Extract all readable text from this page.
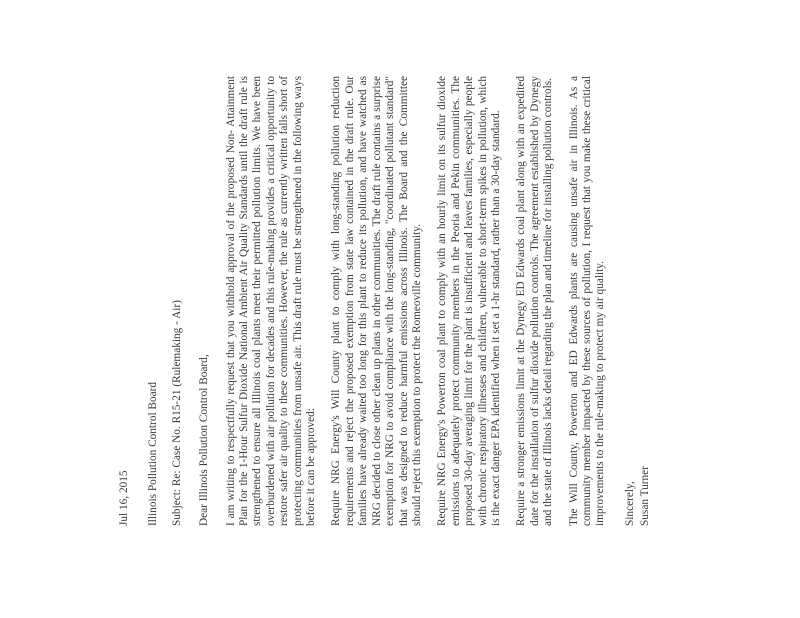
Jul 16, 2015 Illinois Pollution Control Board Subject: Re: Case No. R15-21 (Rulemaking - Air) Dear Illinois Pollution Control Board, I am writing to respectfully request that you withhold approval of the proposed Non- Attainment Plan for the 1-Hour Sulfur Dioxide National Ambient Air Quality Standards until the draft rule is strengthened to ensure all Illinois coal plants meet their permitted pollution limits. We have been overburdened with air pollution for decades and this rule-making provides a critical opportunity to restore safer air quality to these communities. However, the rule as currently written falls short of protecting communities from unsafe air. This draft rule must be strengthened in the following ways before it can be approved: Require NRG Energy's Will County plant to comply with long-standing pollution reduction requirements and reject the proposed exemption from state law contained in the draft rule. Our families have already waited too long for this plant to reduce its pollution, and have watched as NRG decided to close other clean up plans in other communities. The draft rule contains a surprise exemption for NRG to avoid compliance with the long-standing, "coordinated pollutant standard" that was designed to reduce harmful emissions across Illinois. The Board and the Committee should reject this exemption to protect the Romeoville community. Require NRG Energy's Powerton coal plant to comply with an hourly limit on its sulfur dioxide emissions to adequately protect community members in the Peoria and Pekin communities. The proposed 30-day averaging limit for the plant is insufficient and leaves families, especially people with chronic respiratory illnesses and children, vulnerable to short-term spikes in pollution, which is the exact danger EPA identified when it set a 1-hr standard, rather than a 30-day standard. Require a stronger emissions limit at the Dynegy ED Edwards coal plant along with an expedited date for the installation of sulfur dioxide pollution controls. The agreement established by Dynegy and the state of Illinois lacks detail regarding the plan and timeline for installing pollution controls. The Will County, Powerton and ED Edwards plants are causing unsafe air in Illinois. As a community member impacted by these sources of pollution, I request that you make these critical improvements to the rule-making to protect my air quality. Sincerely, Susan Turner
